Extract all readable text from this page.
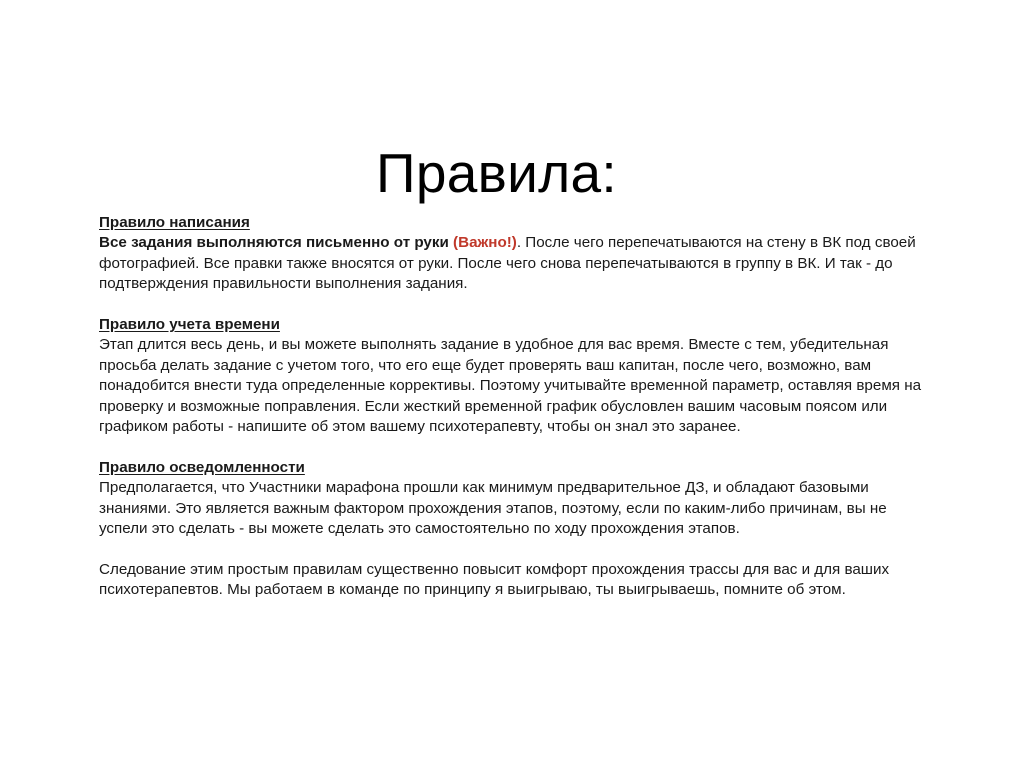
Правила:
Правило написания

Все задания выполняются письменно от руки (Важно!). После чего перепечатываются на стену в ВК под своей фотографией. Все правки также вносятся от руки. После чего снова перепечатываются в группу в ВК. И так - до подтверждения правильности выполнения задания.

Правило учета времени

Этап длится весь день, и вы можете выполнять задание в удобное для вас время. Вместе с тем, убедительная просьба делать задание с учетом того, что его еще будет проверять ваш капитан, после чего, возможно, вам понадобится внести туда определенные коррективы. Поэтому учитывайте временной параметр, оставляя время на проверку и возможные поправления. Если жесткий временной график обусловлен вашим часовым поясом или графиком работы - напишите об этом вашему психотерапевту, чтобы он знал это заранее.

Правило осведомленности

Предполагается, что Участники марафона прошли как минимум предварительное ДЗ, и обладают базовыми знаниями. Это является важным фактором прохождения этапов, поэтому, если по каким-либо причинам, вы не успели это сделать - вы можете сделать это самостоятельно по ходу прохождения этапов.

Следование этим простым правилам существенно повысит комфорт прохождения трассы для вас и для ваших психотерапевтов. Мы работаем в команде по принципу я выигрываю, ты выигрываешь, помните об этом.
